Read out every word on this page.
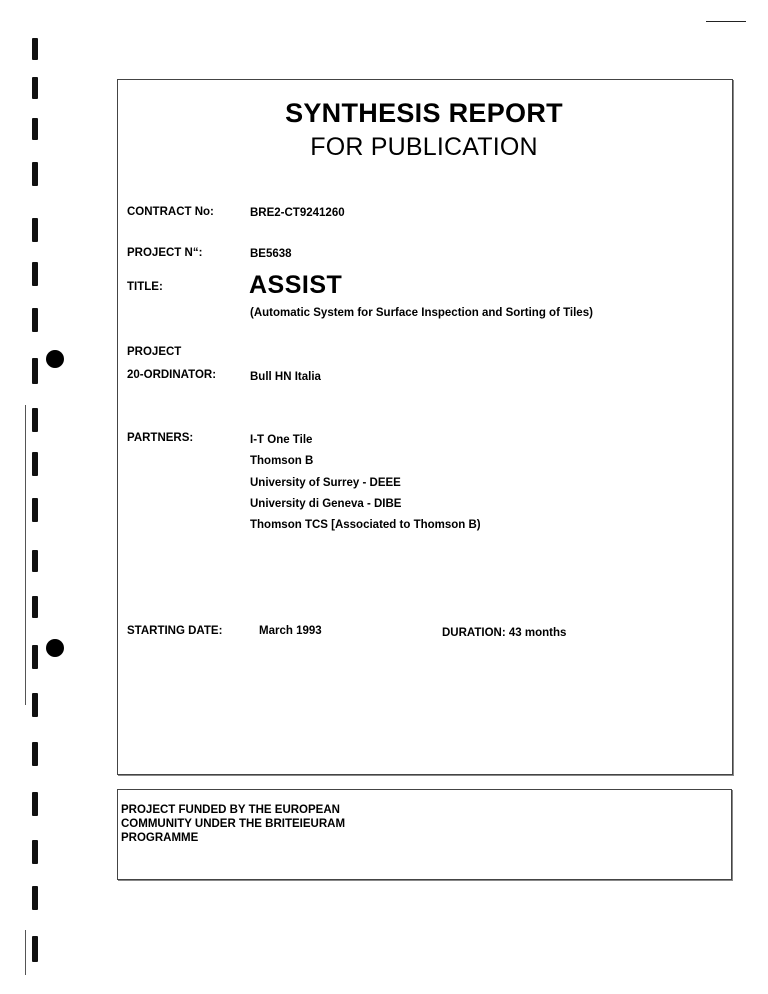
SYNTHESIS REPORT
FOR PUBLICATION
CONTRACT No:	BRE2-CT9241260
PROJECT N“:	BE5638
TITLE:	ASSIST
(Automatic System for Surface Inspection and Sorting of Tiles)
PROJECT
20-ORDINATOR:	Bull HN Italia
PARTNERS:	I-T One Tile
Thomson B
University of Surrey - DEEE
University di Geneva - DIBE
Thomson TCS [Associated to Thomson B)
STARTING DATE:	March 1993	DURATION: 43 months
PROJECT FUNDED BY THE EUROPEAN
COMMUNITY UNDER THE BRITEIEURAM
PROGRAMME
